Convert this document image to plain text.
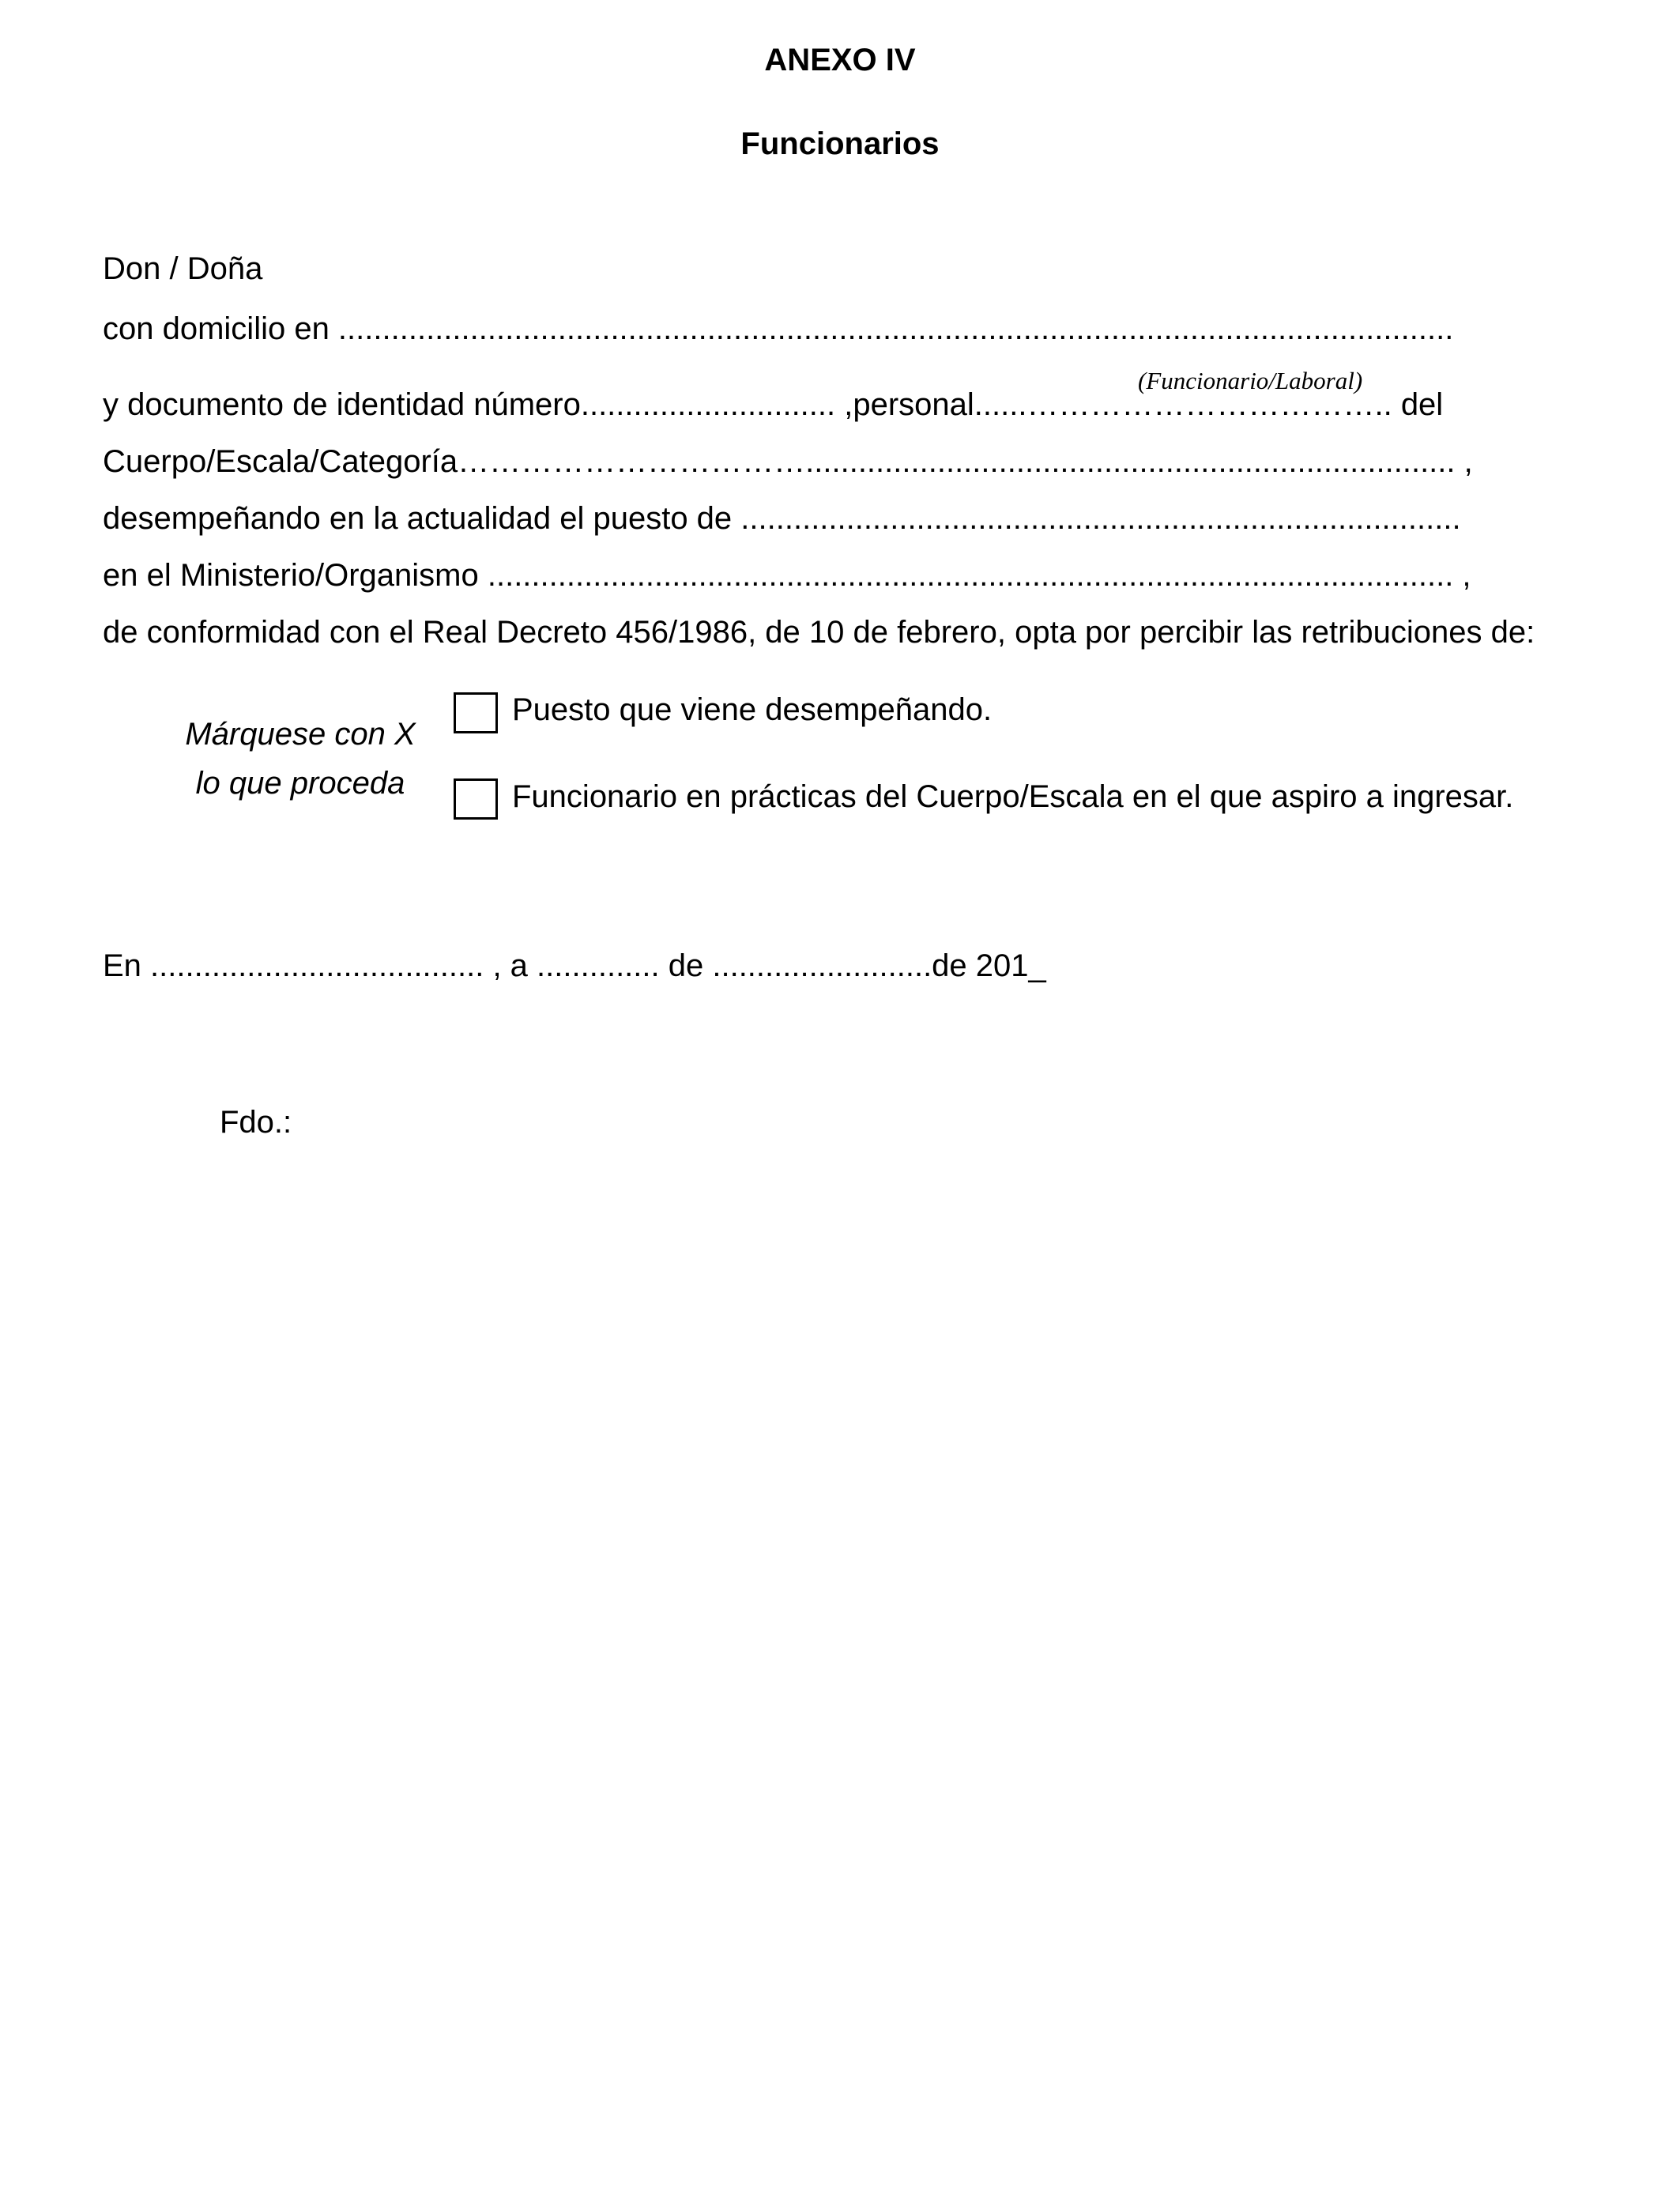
ANEXO IV
Funcionarios
Don / Doña
con domicilio en ...............................................................................................................................
(Funcionario/Laboral)
y documento de identidad número............................. ,personal......…………………………….. del
Cuerpo/Escala/Categoría…………………………….......................................................................... ,
desempeñando en la actualidad el puesto de ..................................................................................
en el Ministerio/Organismo .............................................................................................................. ,
de conformidad con el Real Decreto 456/1986, de 10 de febrero, opta por percibir las retribuciones de:
Márquese con X
lo que proceda
Puesto que viene desempeñando.
Funcionario en prácticas del Cuerpo/Escala en el que aspiro a ingresar.
En ...................................... , a .............. de .........................de 201_
Fdo.:
